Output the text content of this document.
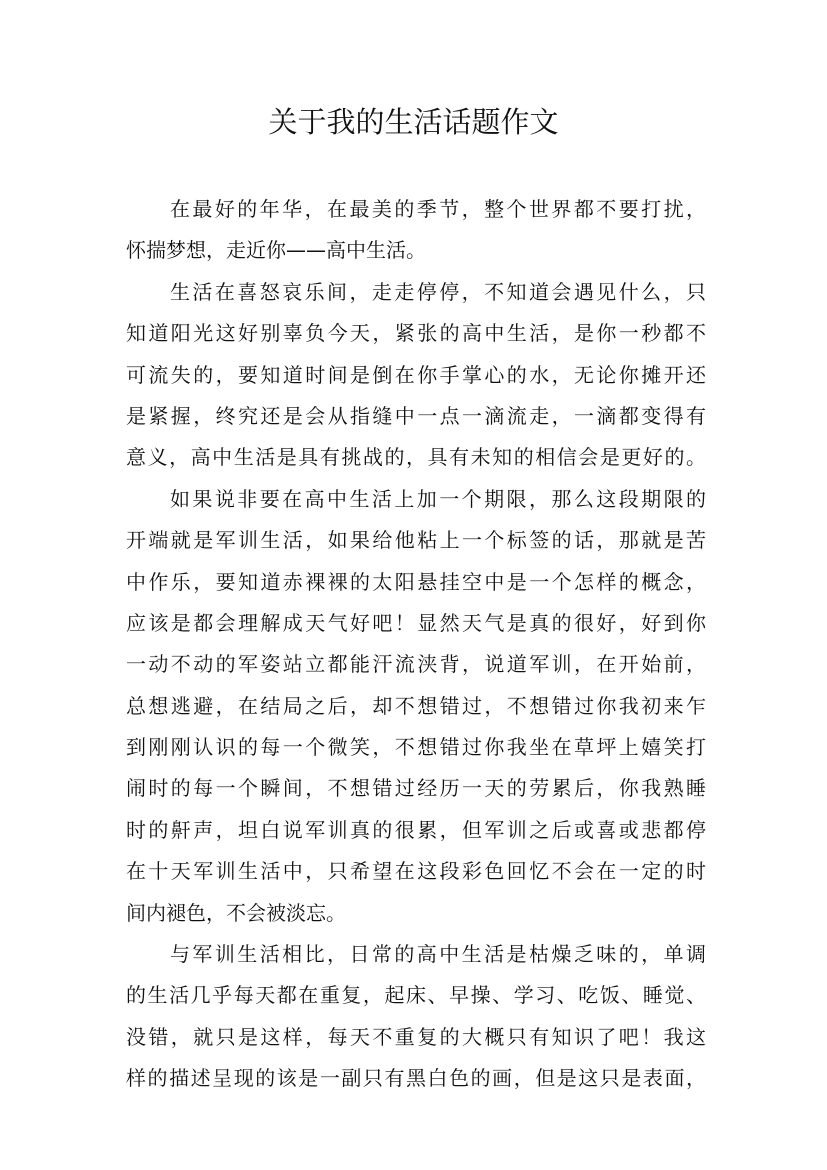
关于我的生活话题作文
在最好的年华，在最美的季节，整个世界都不要打扰，
怀揣梦想，走近你——高中生活。
生活在喜怒哀乐间，走走停停，不知道会遇见什么，只
知道阳光这好别辜负今天，紧张的高中生活，是你一秒都不
可流失的，要知道时间是倒在你手掌心的水，无论你摊开还
是紧握，终究还是会从指缝中一点一滴流走，一滴都变得有
意义，高中生活是具有挑战的，具有未知的相信会是更好的。
如果说非要在高中生活上加一个期限，那么这段期限的
开端就是军训生活，如果给他粘上一个标签的话，那就是苦
中作乐，要知道赤裸裸的太阳悬挂空中是一个怎样的概念，
应该是都会理解成天气好吧！显然天气是真的很好，好到你
一动不动的军姿站立都能汗流浃背，说道军训，在开始前，
总想逃避，在结局之后，却不想错过，不想错过你我初来乍
到刚刚认识的每一个微笑，不想错过你我坐在草坪上嬉笑打
闹时的每一个瞬间，不想错过经历一天的劳累后，你我熟睡
时的鼾声，坦白说军训真的很累，但军训之后或喜或悲都停
在十天军训生活中，只希望在这段彩色回忆不会在一定的时
间内褪色，不会被淡忘。
与军训生活相比，日常的高中生活是枯燥乏味的，单调
的生活几乎每天都在重复，起床、早操、学习、吃饭、睡觉、
没错，就只是这样，每天不重复的大概只有知识了吧！我这
样的描述呈现的该是一副只有黑白色的画，但是这只是表面，
